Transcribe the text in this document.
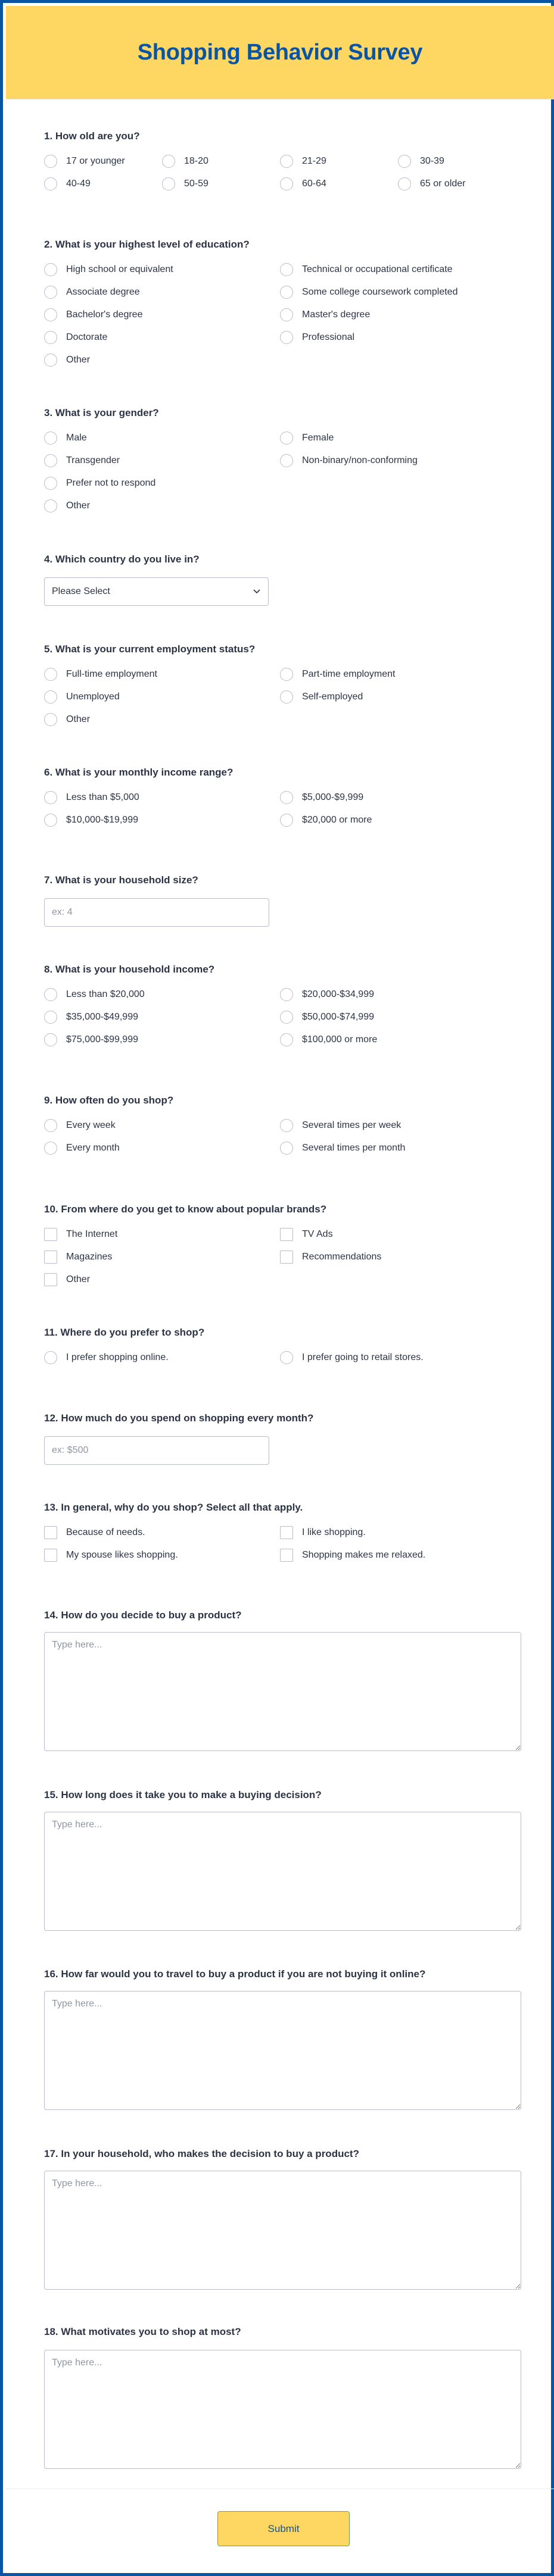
Shopping Behavior Survey
1. How old are you?
17 or younger	18-20	21-29	30-39
40-49	50-59	60-64	65 or older
2. What is your highest level of education?
High school or equivalent	Technical or occupational certificate
Associate degree	Some college coursework completed
Bachelor's degree	Master's degree
Doctorate	Professional
Other
3. What is your gender?
Male	Female
Transgender	Non-binary/non-conforming
Prefer not to respond
Other
4. Which country do you live in?
Please Select
5. What is your current employment status?
Full-time employment	Part-time employment
Unemployed	Self-employed
Other
6. What is your monthly income range?
Less than $5,000	$5,000-$9,999
$10,000-$19,999	$20,000 or more
7. What is your household size?
ex: 4
8. What is your household income?
Less than $20,000	$20,000-$34,999
$35,000-$49,999	$50,000-$74,999
$75,000-$99,999	$100,000 or more
9. How often do you shop?
Every week	Several times per week
Every month	Several times per month
10. From where do you get to know about popular brands?
The Internet	TV Ads
Magazines	Recommendations
Other
11. Where do you prefer to shop?
I prefer shopping online.	I prefer going to retail stores.
12. How much do you spend on shopping every month?
ex: $500
13. In general, why do you shop? Select all that apply.
Because of needs.	I like shopping.
My spouse likes shopping.	Shopping makes me relaxed.
14. How do you decide to buy a product?
Type here...
15. How long does it take you to make a buying decision?
Type here...
16. How far would you to travel to buy a product if you are not buying it online?
Type here...
17. In your household, who makes the decision to buy a product?
Type here...
18. What motivates you to shop at most?
Type here...
Submit
